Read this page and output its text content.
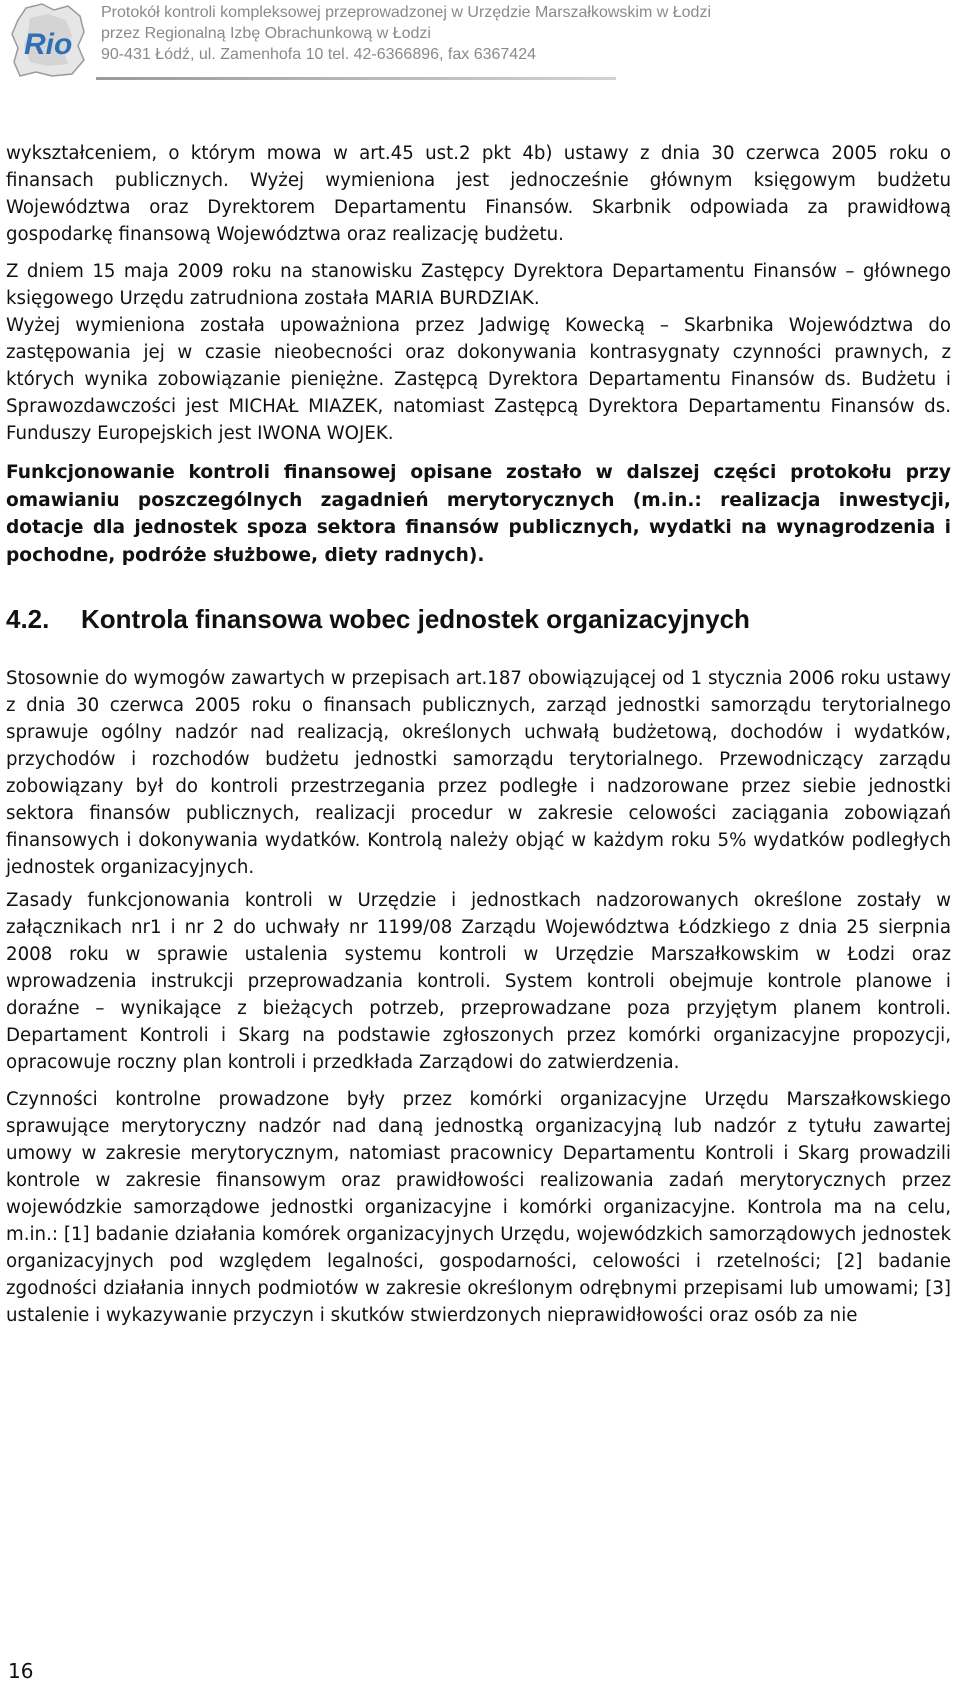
Rio
Protokół kontroli kompleksowej przeprowadzonej w Urzędzie Marszałkowskim w Łodzi
przez Regionalną Izbę Obrachunkową w Łodzi
90-431 Łódź, ul. Zamenhofa 10 tel. 42-6366896, fax 6367424

wykształceniem, o którym mowa w art.45 ust.2 pkt 4b) ustawy z dnia 30 czerwca 2005 roku o finansach publicznych. Wyżej wymieniona jest jednocześnie głównym księgowym budżetu Województwa oraz Dyrektorem Departamentu Finansów. Skarbnik odpowiada za prawidłową gospodarkę finansową Województwa oraz realizację budżetu.

Z dniem 15 maja 2009 roku na stanowisku Zastępcy Dyrektora Departamentu Finansów – głównego księgowego Urzędu zatrudniona została MARIA BURDZIAK.

Wyżej wymieniona została upoważniona przez Jadwigę Kowecką – Skarbnika Województwa do zastępowania jej w czasie nieobecności oraz dokonywania kontrasygnaty czynności prawnych, z których wynika zobowiązanie pieniężne. Zastępcą Dyrektora Departamentu Finansów ds. Budżetu i Sprawozdawczości jest MICHAŁ MIAZEK, natomiast Zastępcą Dyrektora Departamentu Finansów ds. Funduszy Europejskich jest IWONA WOJEK.

Funkcjonowanie kontroli finansowej opisane zostało w dalszej części protokołu przy omawianiu poszczególnych zagadnień merytorycznych (m.in.: realizacja inwestycji, dotacje dla jednostek spoza sektora finansów publicznych, wydatki na wynagrodzenia i pochodne, podróże służbowe, diety radnych).

4.2.	Kontrola finansowa wobec jednostek organizacyjnych

Stosownie do wymogów zawartych w przepisach art.187 obowiązującej od 1 stycznia 2006 roku ustawy z dnia 30 czerwca 2005 roku o finansach publicznych, zarząd jednostki samorządu terytorialnego sprawuje ogólny nadzór nad realizacją, określonych uchwałą budżetową, dochodów i wydatków, przychodów i rozchodów budżetu jednostki samorządu terytorialnego. Przewodniczący zarządu zobowiązany był do kontroli przestrzegania przez podległe i nadzorowane przez siebie jednostki sektora finansów publicznych, realizacji procedur w zakresie celowości zaciągania zobowiązań finansowych i dokonywania wydatków. Kontrolą należy objąć w każdym roku 5% wydatków podległych jednostek organizacyjnych.

Zasady funkcjonowania kontroli w Urzędzie i jednostkach nadzorowanych określone zostały w załącznikach nr1 i nr 2 do uchwały nr 1199/08 Zarządu Województwa Łódzkiego z dnia 25 sierpnia 2008 roku w sprawie ustalenia systemu kontroli w Urzędzie Marszałkowskim w Łodzi oraz wprowadzenia instrukcji przeprowadzania kontroli. System kontroli obejmuje kontrole planowe i doraźne – wynikające z bieżących potrzeb, przeprowadzane poza przyjętym planem kontroli. Departament Kontroli i Skarg na podstawie zgłoszonych przez komórki organizacyjne propozycji, opracowuje roczny plan kontroli i przedkłada Zarządowi do zatwierdzenia.

Czynności kontrolne prowadzone były przez komórki organizacyjne Urzędu Marszałkowskiego sprawujące merytoryczny nadzór nad daną jednostką organizacyjną lub nadzór z tytułu zawartej umowy w zakresie merytorycznym, natomiast pracownicy Departamentu Kontroli i Skarg prowadzili kontrole w zakresie finansowym oraz prawidłowości realizowania zadań merytorycznych przez wojewódzkie samorządowe jednostki organizacyjne i komórki organizacyjne. Kontrola ma na celu, m.in.: [1] badanie działania komórek organizacyjnych Urzędu, wojewódzkich samorządowych jednostek organizacyjnych pod względem legalności, gospodarności, celowości i rzetelności; [2] badanie zgodności działania innych podmiotów w zakresie określonym odrębnymi przepisami lub umowami; [3] ustalenie i wykazywanie przyczyn i skutków stwierdzonych nieprawidłowości oraz osób za nie

16
